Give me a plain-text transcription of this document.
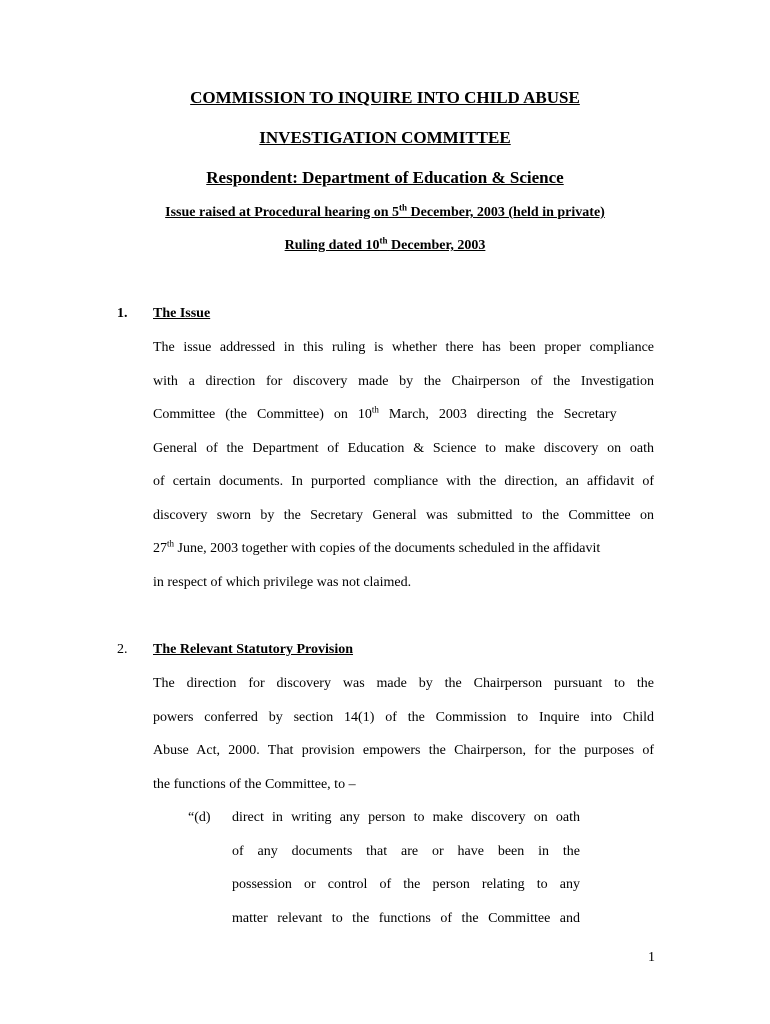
COMMISSION TO INQUIRE INTO CHILD ABUSE
INVESTIGATION COMMITTEE
Respondent: Department of Education & Science
Issue raised at Procedural hearing on 5th December, 2003 (held in private)
Ruling dated 10th December, 2003
1. The Issue
The issue addressed in this ruling is whether there has been proper compliance
with a direction for discovery made by the Chairperson of the Investigation
Committee (the Committee) on 10th March, 2003 directing the Secretary
General of the Department of Education & Science to make discovery on oath
of certain documents. In purported compliance with the direction, an affidavit of
discovery sworn by the Secretary General was submitted to the Committee on
27th June, 2003 together with copies of the documents scheduled in the affidavit
in respect of which privilege was not claimed.
2. The Relevant Statutory Provision
The direction for discovery was made by the Chairperson pursuant to the
powers conferred by section 14(1) of the Commission to Inquire into Child
Abuse Act, 2000. That provision empowers the Chairperson, for the purposes of
the functions of the Committee, to –
“(d) direct in writing any person to make discovery on oath
of any documents that are or have been in the
possession or control of the person relating to any
matter relevant to the functions of the Committee and
1
